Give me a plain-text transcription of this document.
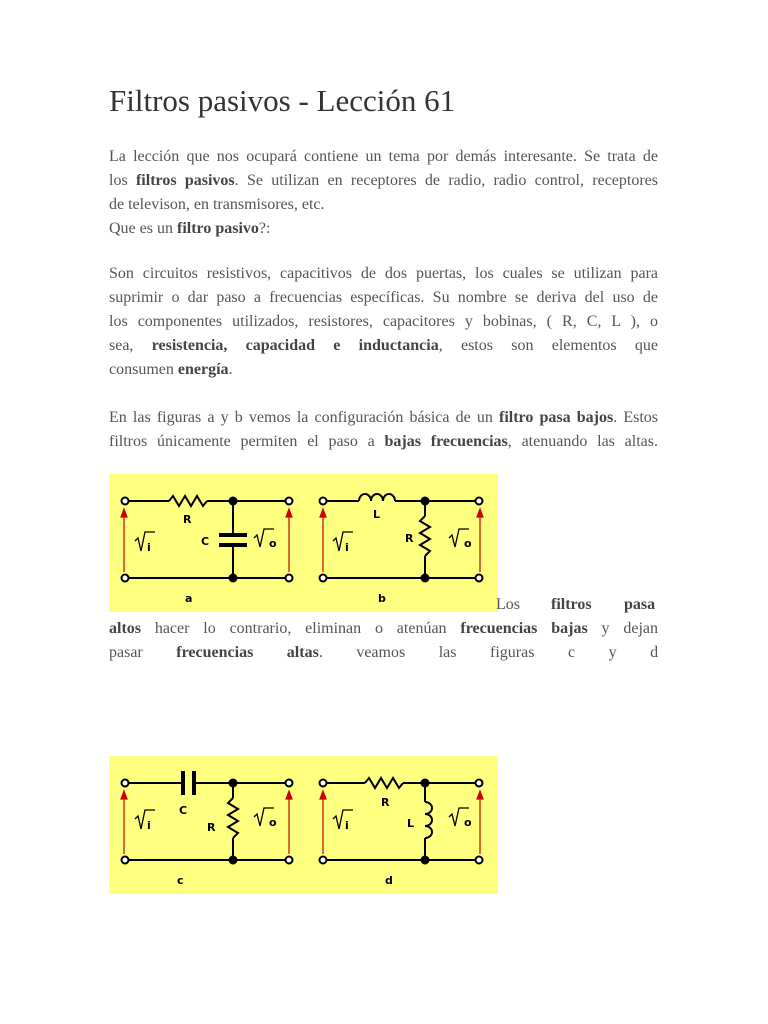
Filtros pasivos - Lección 61
La lección que nos ocupará contiene un tema por demás interesante. Se trata de
los filtros pasivos. Se utilizan en receptores de radio, radio control, receptores
de televison, en transmisores, etc.
Que es un filtro pasivo?:
Son circuitos resistivos, capacitivos de dos puertas, los cuales se utilizan para
suprimir o dar paso a frecuencias específicas. Su nombre se deriva del uso de
los componentes utilizados, resistores, capacitores y bobinas, ( R, C, L ), o
sea, resistencia, capacidad e inductancia, estos son elementos que
consumen energía.
En las figuras a y b vemos la configuración básica de un filtro pasa bajos. Estos
filtros únicamente permiten el paso a bajas frecuencias, atenuando las altas.
R
C
a
i	o
L
R
b
i	o
Los filtros pasa
altos hacer lo contrario, eliminan o atenúan frecuencias bajas y dejan
pasar frecuencias altas. veamos las figuras c y d
C
R
c
i	o
R
L
d
i	o
